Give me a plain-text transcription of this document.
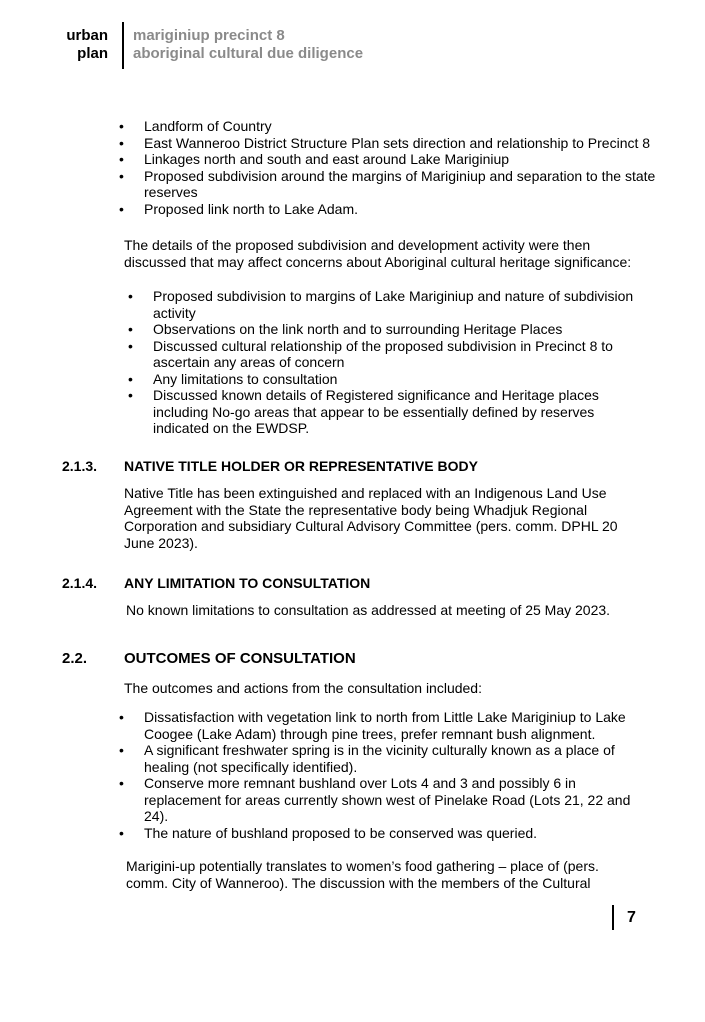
urban
plan
mariginiup precinct 8
aboriginal cultural due diligence
• Landform of Country
• East Wanneroo District Structure Plan sets direction and relationship to Precinct 8
• Linkages north and south and east around Lake Mariginiup
• Proposed subdivision around the margins of Mariginiup and separation to the state reserves
• Proposed link north to Lake Adam.

The details of the proposed subdivision and development activity were then discussed that may affect concerns about Aboriginal cultural heritage significance:

• Proposed subdivision to margins of Lake Mariginiup and nature of subdivision activity
• Observations on the link north and to surrounding Heritage Places
• Discussed cultural relationship of the proposed subdivision in Precinct 8 to ascertain any areas of concern
• Any limitations to consultation
• Discussed known details of Registered significance and Heritage places including No-go areas that appear to be essentially defined by reserves indicated on the EWDSP.
2.1.3. NATIVE TITLE HOLDER OR REPRESENTATIVE BODY

Native Title has been extinguished and replaced with an Indigenous Land Use Agreement with the State the representative body being Whadjuk Regional Corporation and subsidiary Cultural Advisory Committee (pers. comm. DPHL 20 June 2023).

2.1.4. ANY LIMITATION TO CONSULTATION

No known limitations to consultation as addressed at meeting of 25 May 2023.

2.2. OUTCOMES OF CONSULTATION

The outcomes and actions from the consultation included:

• Dissatisfaction with vegetation link to north from Little Lake Mariginiup to Lake Coogee (Lake Adam) through pine trees, prefer remnant bush alignment.
• A significant freshwater spring is in the vicinity culturally known as a place of healing (not specifically identified).
• Conserve more remnant bushland over Lots 4 and 3 and possibly 6 in replacement for areas currently shown west of Pinelake Road (Lots 21, 22 and 24).
• The nature of bushland proposed to be conserved was queried.

Marigini-up potentially translates to women’s food gathering – place of (pers. comm. City of Wanneroo). The discussion with the members of the Cultural

7
